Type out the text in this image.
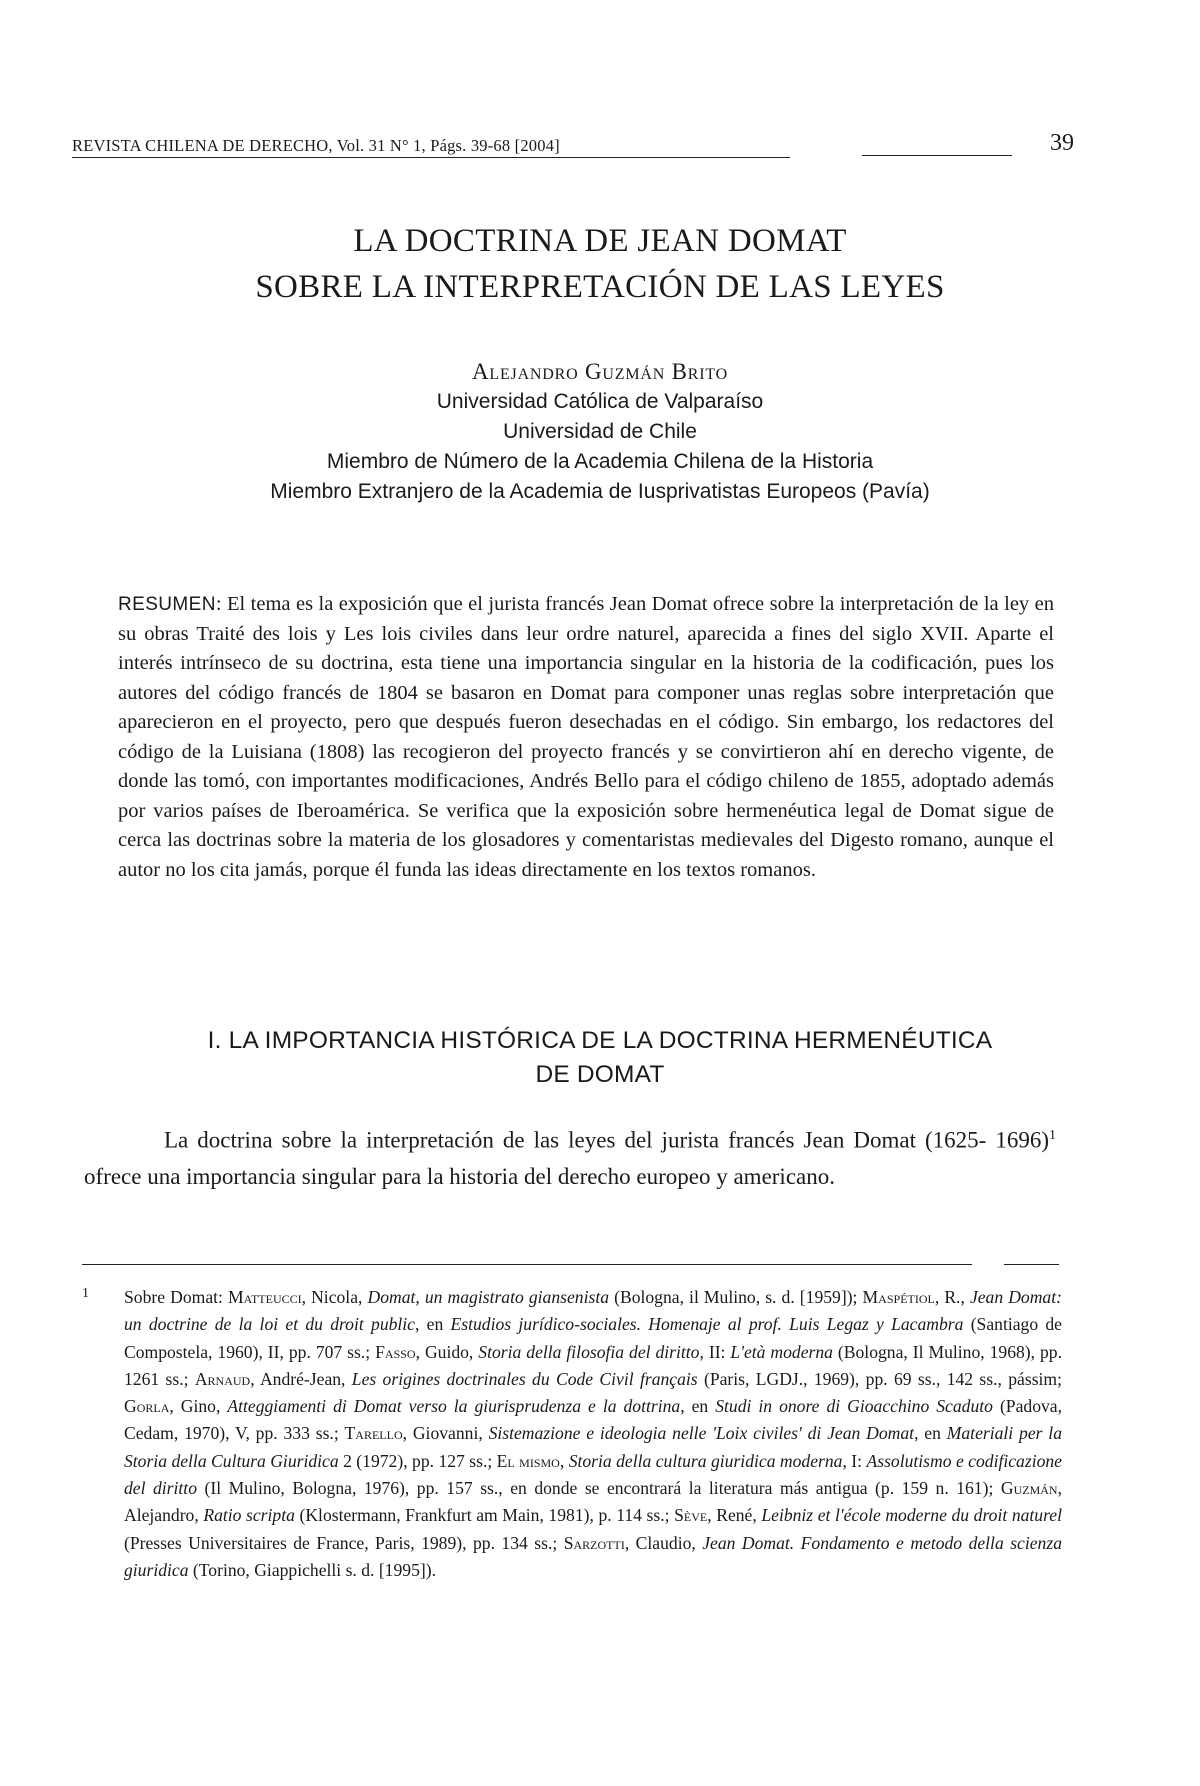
REVISTA CHILENA DE DERECHO, Vol. 31 N° 1, Págs. 39-68 [2004]	39
LA DOCTRINA DE JEAN DOMAT
SOBRE LA INTERPRETACIÓN DE LAS LEYES
Alejandro Guzmán Brito
Universidad Católica de Valparaíso
Universidad de Chile
Miembro de Número de la Academia Chilena de la Historia
Miembro Extranjero de la Academia de Iusprivatistas Europeos (Pavía)

RESUMEN: El tema es la exposición que el jurista francés Jean Domat ofrece sobre la interpretación de la ley en su obras Traité des lois y Les lois civiles dans leur ordre naturel, aparecida a fines del siglo XVII. Aparte el interés intrínseco de su doctrina, esta tiene una importancia singular en la historia de la codificación, pues los autores del código francés de 1804 se basaron en Domat para componer unas reglas sobre interpretación que aparecieron en el proyecto, pero que después fueron desechadas en el código. Sin embargo, los redactores del código de la Luisiana (1808) las recogieron del proyecto francés y se convirtieron ahí en derecho vigente, de donde las tomó, con importantes modificaciones, Andrés Bello para el código chileno de 1855, adoptado además por varios países de Iberoamérica. Se verifica que la exposición sobre hermenéutica legal de Domat sigue de cerca las doctrinas sobre la materia de los glosadores y comentaristas medievales del Digesto romano, aunque el autor no los cita jamás, porque él funda las ideas directamente en los textos romanos.

I. LA IMPORTANCIA HISTÓRICA DE LA DOCTRINA HERMENÉUTICA
DE DOMAT

La doctrina sobre la interpretación de las leyes del jurista francés Jean Domat (1625- 1696)$^1$ ofrece una importancia singular para la historia del derecho europeo y americano.

1 Sobre Domat: Matteucci, Nicola, Domat, un magistrato giansenista (Bologna, il Mulino, s. d. [1959]); Maspétiol, R., Jean Domat: un doctrine de la loi et du droit public, en Estudios jurídico-sociales. Homenaje al prof. Luis Legaz y Lacambra (Santiago de Compostela, 1960), II, pp. 707 ss.; Fasso, Guido, Storia della filosofia del diritto, II: L'età moderna (Bologna, Il Mulino, 1968), pp. 1261 ss.; Arnaud, André-Jean, Les origines doctrinales du Code Civil français (Paris, LGDJ., 1969), pp. 69 ss., 142 ss., pássim; Gorla, Gino, Atteggiamenti di Domat verso la giurisprudenza e la dottrina, en Studi in onore di Gioacchino Scaduto (Padova, Cedam, 1970), V, pp. 333 ss.; Tarello, Giovanni, Sistemazione e ideologia nelle 'Loix civiles' di Jean Domat, en Materiali per la Storia della Cultura Giuridica 2 (1972), pp. 127 ss.; El mismo, Storia della cultura giuridica moderna, I: Assolutismo e codificazione del diritto (Il Mulino, Bologna, 1976), pp. 157 ss., en donde se encontrará la literatura más antigua (p. 159 n. 161); Guzmán, Alejandro, Ratio scripta (Klostermann, Frankfurt am Main, 1981), p. 114 ss.; Sève, René, Leibniz et l'école moderne du droit naturel (Presses Universitaires de France, Paris, 1989), pp. 134 ss.; Sarzotti, Claudio, Jean Domat. Fondamento e metodo della scienza giuridica (Torino, Giappichelli s. d. [1995]).
